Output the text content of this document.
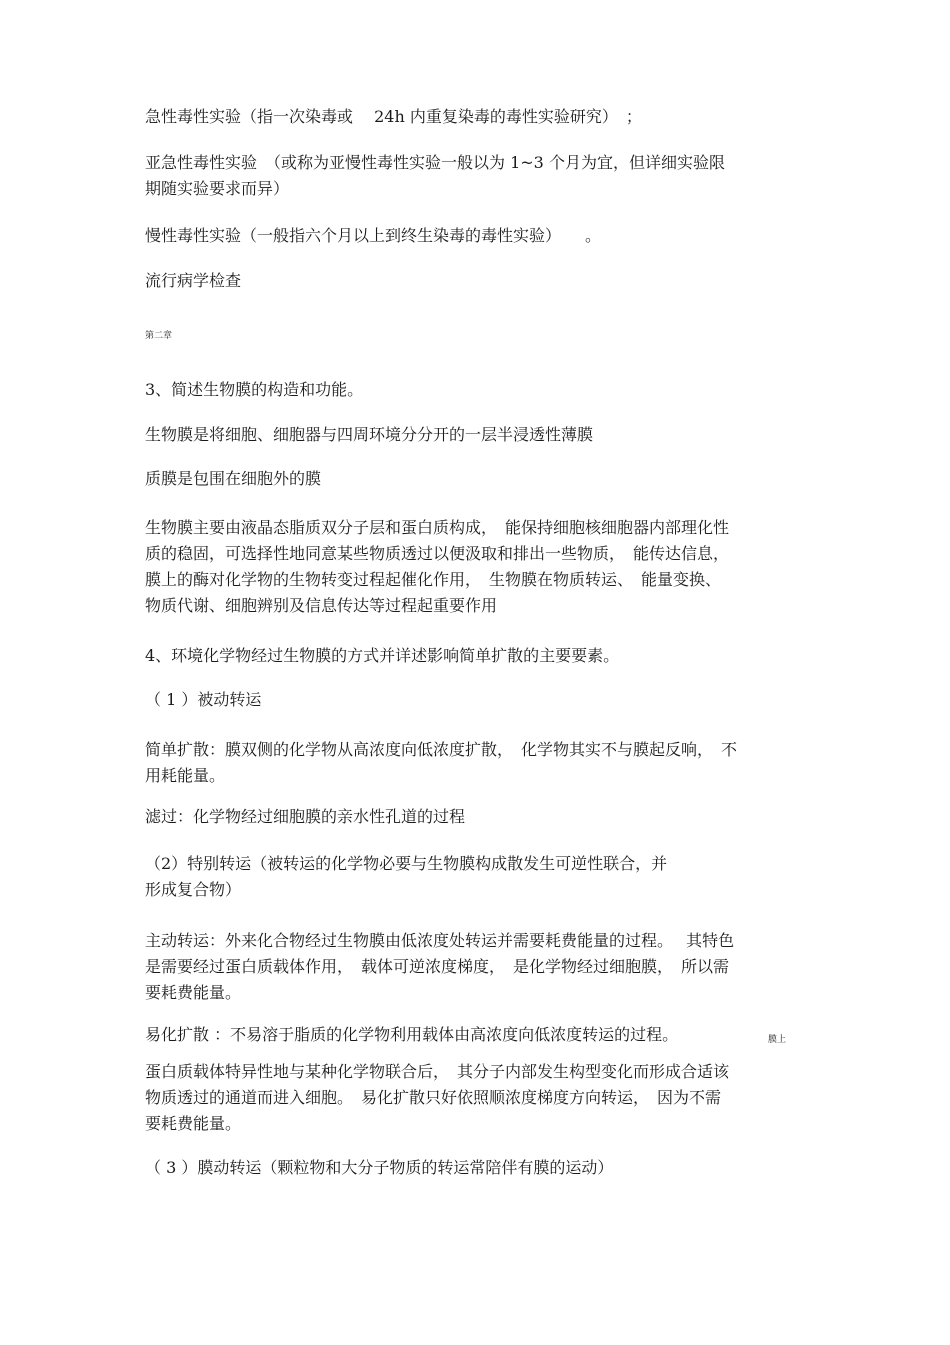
急性毒性实验（指一次染毒或　 24h 内重复染毒的毒性实验研究）　；
亚急性毒性实验　（或称为亚慢性毒性实验一般以为 1~3 个月为宜，但详细实验限
期随实验要求而异）
慢性毒性实验（一般指六个月以上到终生染毒的毒性实验）　　。
流行病学检查
第二章
3、简述生物膜的构造和功能。
生物膜是将细胞、细胞器与四周环境分分开的一层半浸透性薄膜
质膜是包围在细胞外的膜
生物膜主要由液晶态脂质双分子层和蛋白质构成，　能保持细胞核细胞器内部理化性
质的稳固，可选择性地同意某些物质透过以便汲取和排出一些物质，　能传达信息，
膜上的酶对化学物的生物转变过程起催化作用，　生物膜在物质转运、　能量变换、
物质代谢、细胞辨别及信息传达等过程起重要作用
4、环境化学物经过生物膜的方式并详述影响简单扩散的主要要素。
（ 1 ）被动转运
简单扩散：膜双侧的化学物从高浓度向低浓度扩散，　化学物其实不与膜起反响，　不
用耗能量。
滤过：化学物经过细胞膜的亲水性孔道的过程
（2）特别转运（被转运的化学物必要与生物膜构成散发生可逆性联合，并
形成复合物）
主动转运：外来化合物经过生物膜由低浓度处转运并需要耗费能量的过程。　 其特色
是需要经过蛋白质载体作用，　载体可逆浓度梯度，　是化学物经过细胞膜，　所以需
要耗费能量。
易化扩散 ：不易溶于脂质的化学物利用载体由高浓度向低浓度转运的过程。	膜上
蛋白质载体特异性地与某种化学物联合后，　其分子内部发生构型变化而形成合适该
物质透过的通道而进入细胞。　易化扩散只好依照顺浓度梯度方向转运，　因为不需
要耗费能量。
（ 3 ）膜动转运（颗粒物和大分子物质的转运常陪伴有膜的运动）
